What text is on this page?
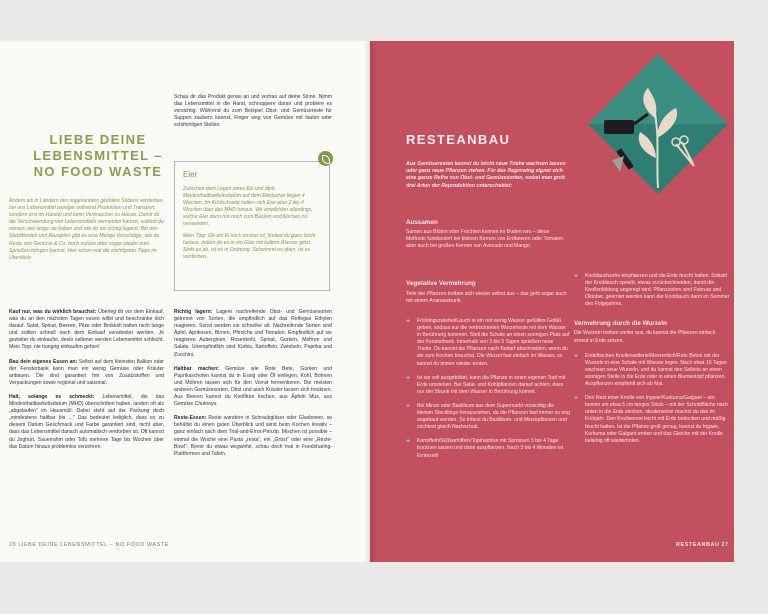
Schau dir das Produkt genau an und vertrau auf deine Sinne. Nimm das Lebensmittel in die Hand, schnuppere daran und probiere es vorsichtig. Während du zum Beispiel Obst- und Gemüsereste für Suppen zaubern kannst, Finger weg von Gemüse mit faulen oder schimmligen Stellen.

LIEBE DEINE
LEBENSMITTEL –
NO FOOD WASTE

Anders als in Ländern des sogenannten globalen Südens verderben bei uns Lebensmittel weniger während Produktion und Transport, sondern erst im Handel und beim Verbraucher zu Hause. Damit du die Verschwendung von Lebensmitteln vermeiden kannst, solltest du wissen, wie lange sie halten und wie du sie richtig lagerst. Bei den Steckbriefen und Rezepten gibt es eine Menge Vorschläge, wie du Reste von Gemüse & Co. noch nutzen oder sogar wieder zum Sprießen bringen kannst. Hier schon mal die wichtigsten Tipps im Überblick:

Eier

Zwischen dem Legen eines Eis und dem Mindesthaltbarkeitsdatum auf dem Eierkarton liegen 4 Wochen. Im Kühlschrank halten sich Eier aber 2 bis 4 Wochen über das MHD hinaus. Wir empfehlen allerdings, solche Eier dann nur noch zum Backen und Kochen zu verwenden.

Mein Tipp: Ob ein Ei noch essbar ist, findest du ganz leicht heraus, indem du es in ein Glas mit kaltem Wasser gibst. Sinkt es ab, ist es in Ordnung. Schwimmt es oben, ist es verdorben.

Kauf nur, was du wirklich brauchst: Überleg dir vor dem Einkauf, was du an den nächsten Tagen essen willst und beschränke dich darauf. Salat, Spinat, Beeren, Pilze oder Brokkoli halten nicht lange und sollten schnell nach dem Einkauf verarbeitet werden. Je gezielter du einkaufst, desto seltener werden Lebensmittel schlecht. Mein Tipp: nie hungrig einkaufen gehen!

Bau dein eigenes Essen an: Selbst auf dem kleinsten Balkon oder der Fensterbank kann man ein wenig Gemüse oder Kräuter anbauen. Die sind garantiert frei von Zusatzstoffen und Verpackungen sowie regional und saisonal.

Halt, solange es schmeckt: Lebensmittel, die das Mindesthaltbarkeitsdatum (MHD) überschritten haben, landen oft als „abgelaufen" im Hausmüll. Dabei steht auf der Packung doch „mindestens haltbar bis ..." Das bedeutet lediglich, dass es zu diesem Datum Geschmack und Farbe garantiert sind, nicht aber, dass das Lebensmittel danach automatisch verdorben ist. Oft kannst du Joghurt, Sauerrahm oder Tofu mehrere Tage bis Wochen über das Datum hinaus problemlos verzehren.

Richtig lagern: Lagere nachreifende Obst- und Gemüsesorten getrennt von Sorten, die empfindlich auf das Reifegas Ethylen reagieren. Sonst werden sie schneller alt. Nachreifende Sorten sind Äpfel, Aprikosen, Birnen, Pfirsiche und Tomaten. Empfindlich auf sie reagieren Auberginen, Rosenkohl, Spinat, Gurken, Möhren und Salate. Unempfindlich sind Kürbis, Kartoffeln, Zwiebeln, Paprika und Zucchini.

Haltbar machen: Gemüse wie Rote Bete, Gurken und Paprikaschoten kannst du in Essig oder Öl einlegen. Kohl, Bohnen und Möhren lassen sich für den Vorrat fermentieren. Die meisten anderen Gemüsesorten, Obst und auch Kräuter lassen sich trocknen. Aus Beeren kannst du Konfitüre kochen, aus Äpfeln Mus, aus Gemüse Chutneys.

Reste-Essen: Reste wandern in Schraubgläser oder Glasboxen, so behältst du einen guten Überblick und wirst beim Kochen kreativ – ganz einfach nach dem Trial-and-Error-Prinzip. Mischen ist possible – einmal die Woche eine Pasta „resta", ein „Gröst" oder eine „Reste-Bowl". Bevor du etwas wegwirfst, schau doch mal in Foodsharing-Plattformen und Tafeln.

28 LIEBE DEINE LEBENSMITTEL – NO FOOD WASTE
RESTEANBAU

Aus Gemüseresten kannst du leicht neue Triebe wachsen lassen oder ganz neue Pflanzen ziehen. Für das Regrowing eignet sich eine ganze Reihe von Obst- und Gemüsesorten, wobei man grob drei Arten der Reproduktion unterscheidet:

Aussamen

Samen aus Blüten oder Früchten keimen im Boden neu – diese Methode funktioniert bei kleinen Kernen von Erdbeeren oder Tomaten, aber auch bei großen Kernen von Avocado und Mango.

Vegetative Vermehrung

Teile der Pflanzen treiben sich wieder selbst aus – das geht sogar auch mit einem Ananasstrunk.

+	Frühlingszwiebel/Lauch in ein mit wenig Wasser gefülltes Gefäß geben, sodass nur die vertrockneten Wurzelreste mit dem Wasser in Berührung kommen. Stell die Schale an einen sonnigen Platz auf der Fensterbank. Innerhalb von 3 bis 5 Tagen sprießen neue Triebe. Du kannst die Pflanzen nach Bedarf abschneiden, wenn du sie zum Kochen brauchst. Die Wurzel fast einfach im Wasser, so kannst du immer wieder ernten.

+	Ist sie voll ausgebildet, kann die Pflanze in einen eigenen Topf mit Erde umziehen. Bei Salat- und Kohlpflanzen darauf achten, dass nur der Strunk mit dem Wasser in Berührung kommt.

+	Bei Minze oder Basilikum aus dem Supermarkt vorsichtig die kleinen Stecklinge herausziehen, da die Pflanzen fast immer zu eng angebaut werden. So trittest du Basilikum- und Minzepflanzen und züchtest gleich Nachschub.

+	Kartoffeln/Süßkartoffeln/Topinambur mit Sprossen 3 bis 4 Tage trocknen lassen und dann auspflanzen. Nach 3 bis 4 Monaten ist Erntezeit!

+	Knoblauchzehe einpflanzen und die Erde feucht halten. Sobald der Knoblauch sprießt, etwas zurückschneiden, damit die Knollenbildung angeregt wird. Pflanzzeiten sind Februar und Oktober, geerntet werden kann der Knoblauch dann im Sommer des Folgejahres.

Vermehrung durch die Wurzeln

Die Wurzeln treiben weiter aus, du kannst die Pflanzen einfach erneut in Erde setzen.

+	Entleftischen Knollensellerie/Meerrettich/Rote Beten mit der Wurzeln in eine Schale mit Wasser legen. Nach etwa 10 Tagen wachsen neue Wurzeln, und du kannst den Sellerie an einen sonnigen Stelle in die Erde oder in einen Blumentopf pflanzen. Auspflanzen empfiehlt sich ab Mai.

+	Den Rest einer Knolle von Ingwer/Kurkuma/Galgant – am besten ein etwa 5 cm langes Stück – mit der Schnittfläche nach unten in die Erde stecken, idealerweise machst du das im Frühjahr. Den Knollenrest leicht mit Erde bedecken und mäßig feucht halten. Ist die Pflanze groß genug, kannst du Ingwer, Kurkuma oder Galgant ernten und das Gleiche mit der Knolle beliebig oft wiederholen.

RESTEANBAU 27
